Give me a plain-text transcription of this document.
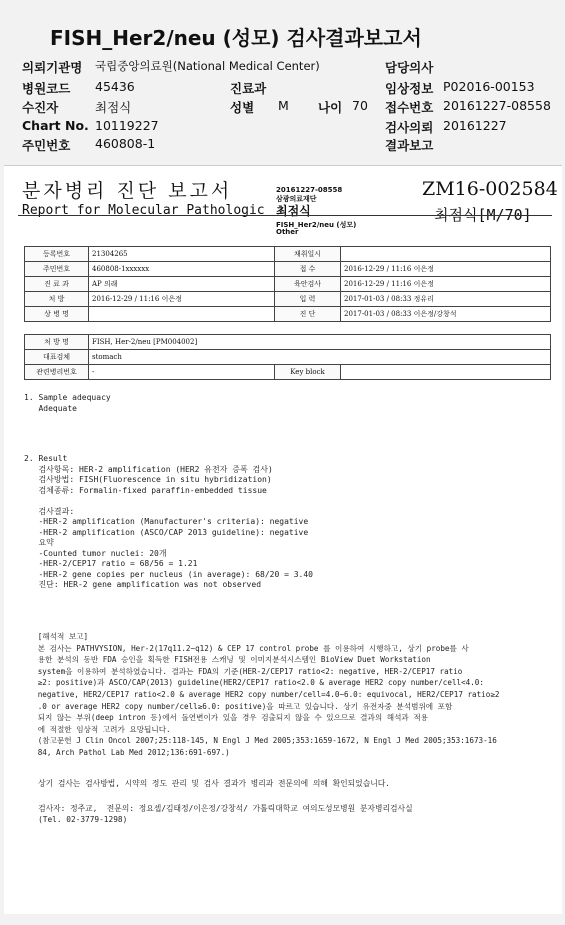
FISH_Her2/neu (성모) 검사결과보고서
의뢰기관명 국립중앙의료원(National Medical Center)	담당의사
병원코드 45436	진료과	임상정보 P02016-00153
수진자	최점식	성별 M 나이 70 접수번호 20161227-08558
Chart No. 10119227	검사의뢰 20161227
주민번호 460808-1	결과보고
분자병리 진단 보고서
Report for Molecular Pathologic
20161227-08558
삼광의료재단
최점식
FISH_Her2/neu (성모)
Other
ZM16-002584
최점식[M/70]
등록번호	21304265	채취일시	
주민번호	460808-1xxxxxx	접 수	2016-12-29 / 11:16 이은정
진 료 과	AP 의래	육안검사	2016-12-29 / 11:16 이은정
처 방	2016-12-29 / 11:16 이은정	입 력	2017-01-03 / 08:33 정유리
상 병 명		진 단	2017-01-03 / 08:33 이은정/강창석
처 방 명	FISH, Her-2/neu [PM004002]		
대표검체	stomach		
관련병리번호	-	Key block	
1. Sample adequacy
Adequate
2. Result
검사항목: HER-2 amplification (HER2 유전자 증폭 검사)
검사방법: FISH(Fluorescence in situ hybridization)
검체종류: Formalin-fixed paraffin-embedded tissue

검사결과:
-HER-2 amplification (Manufacturer's criteria): negative
-HER-2 amplification (ASCO/CAP 2013 guideline): negative
요약
-Counted tumor nuclei: 20개
-HER-2/CEP17 ratio = 68/56 = 1.21
-HER-2 gene copies per nucleus (in average): 68/20 = 3.40
진단: HER-2 gene amplification was not observed
[해석적 보고]
본 검사는 PATHVYSION, Her-2(17q11.2~q12) & CEP 17 control probe 를 이용하여 시행하고, 상기 probe를 사
용한 분석의 동반 FDA 승인을 획득한 FISH전용 스캐닝 및 이미지분석시스템인 BioView Duet Workstation
system을 이용하여 분석하였습니다. 결과는 FDA의 기준(HER-2/CEP17 ratio<2: negative, HER-2/CEP17 ratio
≥2: positive)과 ASCO/CAP(2013) guideline(HER2/CEP17 ratio<2.0 & average HER2 copy number/cell<4.0:
negative, HER2/CEP17 ratio<2.0 & average HER2 copy number/cell=4.0~6.0: equivocal, HER2/CEP17 ratio≥2
.0 or average HER2 copy number/cell≥6.0: positive)을 따르고 있습니다. 상기 유전자중 분석범위에 포함
되지 않는 부위(deep intron 등)에서 돌연변이가 있을 경우 검출되지 않을 수 있으므로 결과의 해석과 적용
에 적절한 임상적 고려가 요망됩니다.
(참고문헌 J Clin Oncol 2007;25:118-145, N Engl J Med 2005;353:1659-1672, N Engl J Med 2005;353:1673-16
84, Arch Pathol Lab Med 2012;136:691-697.)
상기 검사는 검사방법, 시약의 정도 관리 및 검사 결과가 병리과 전문의에 의해 확인되었습니다.
검사자: 정주교,  전문의: 정요셉/김태정/이은정/강창석/ 가톨릭대학교 여의도성모병원 분자병리검사실
(Tel. 02-3779-1298)
